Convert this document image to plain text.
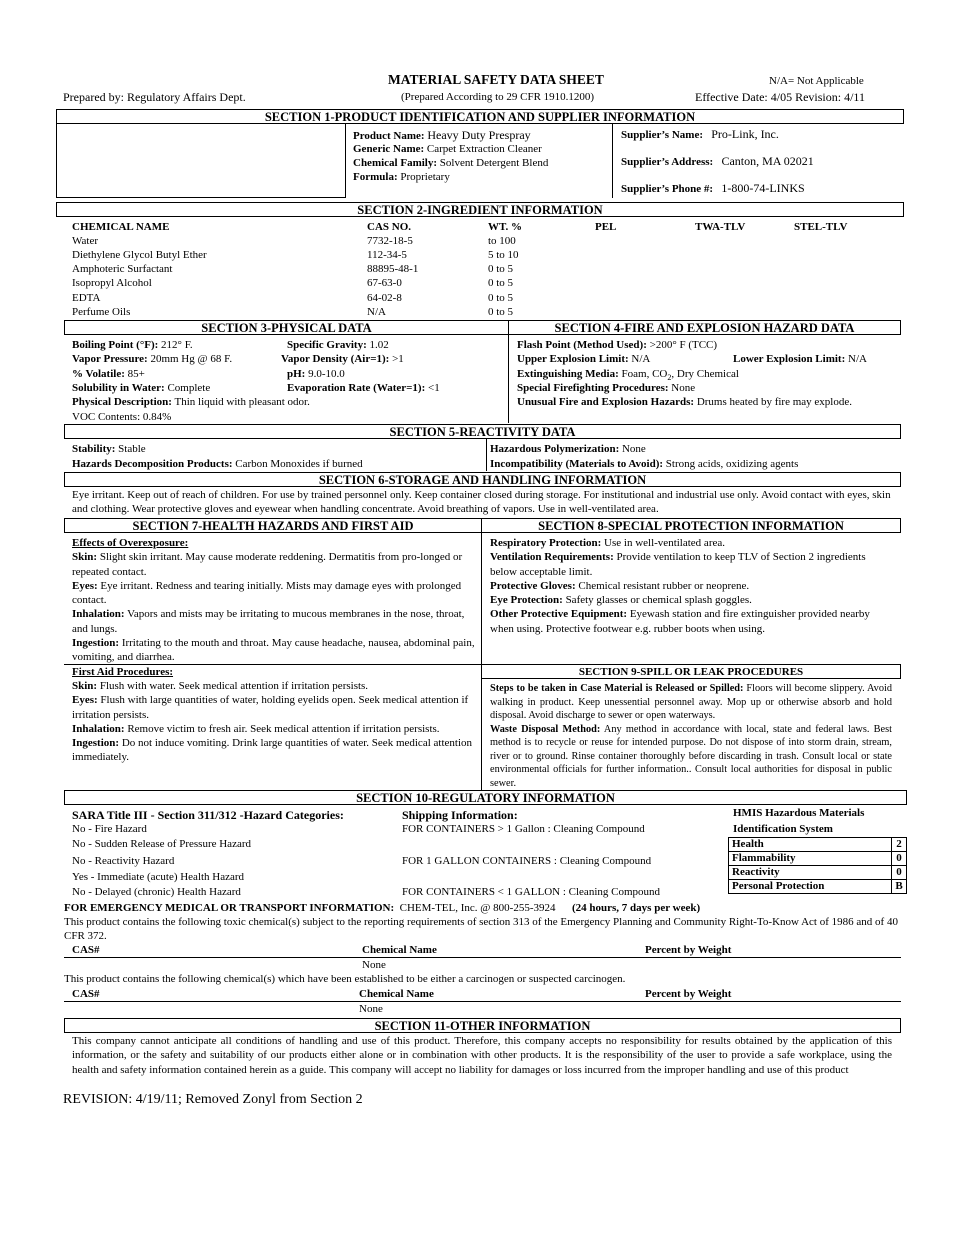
MATERIAL SAFETY DATA SHEET	N/A= Not Applicable
Prepared by: Regulatory Affairs Dept.	(Prepared According to 29 CFR 1910.1200)	Effective Date: 4/05 Revision: 4/11
SECTION 1-PRODUCT IDENTIFICATION AND SUPPLIER INFORMATION
Product Name: Heavy Duty Prespray
Generic Name: Carpet Extraction Cleaner
Chemical Family: Solvent Detergent Blend
Formula: Proprietary
Supplier’s Name: Pro-Link, Inc.
Supplier’s Address: Canton, MA 02021
Supplier’s Phone #: 1-800-74-LINKS
SECTION 2-INGREDIENT INFORMATION
CHEMICAL NAME	CAS NO.	WT. %	PEL	TWA-TLV	STEL-TLV
Water	7732-18-5	to 100
Diethylene Glycol Butyl Ether	112-34-5	5 to 10
Amphoteric Surfactant	88895-48-1	0 to 5
Isopropyl Alcohol	67-63-0	0 to 5
EDTA	64-02-8	0 to 5
Perfume Oils	N/A	0 to 5
SECTION 3-PHYSICAL DATA	SECTION 4-FIRE AND EXPLOSION HAZARD DATA
Boiling Point (°F): 212° F.	Specific Gravity: 1.02
Vapor Pressure: 20mm Hg @ 68 F.	Vapor Density (Air=1): >1
% Volatile: 85+	pH: 9.0-10.0
Solubility in Water: Complete	Evaporation Rate (Water=1): <1
Physical Description: Thin liquid with pleasant odor.
VOC Contents: 0.84%
Flash Point (Method Used): >200° F (TCC)
Upper Explosion Limit: N/A	Lower Explosion Limit: N/A
Extinguishing Media: Foam, $CO_2$, Dry Chemical
Special Firefighting Procedures: None
Unusual Fire and Explosion Hazards: Drums heated by fire may explode.
SECTION 5-REACTIVITY DATA
Stability: Stable	Hazardous Polymerization: None
Hazards Decomposition Products: Carbon Monoxides if burned	Incompatibility (Materials to Avoid): Strong acids, oxidizing agents
SECTION 6-STORAGE AND HANDLING INFORMATION
Eye irritant. Keep out of reach of children. For use by trained personnel only. Keep container closed during storage. For institutional and industrial use only. Avoid contact with eyes, skin and clothing. Wear protective gloves and eyewear when handling concentrate. Avoid breathing of vapors. Use in well-ventilated area.
SECTION 7-HEALTH HAZARDS AND FIRST AID	SECTION 8-SPECIAL PROTECTION INFORMATION
Effects of Overexposure:
Skin: Slight skin irritant. May cause moderate reddening. Dermatitis from pro-longed or repeated contact.
Eyes: Eye irritant. Redness and tearing initially. Mists may damage eyes with prolonged contact.
Inhalation: Vapors and mists may be irritating to mucous membranes in the nose, throat, and lungs.
Ingestion: Irritating to the mouth and throat. May cause headache, nausea, abdominal pain, vomiting, and diarrhea.
First Aid Procedures:
Skin: Flush with water. Seek medical attention if irritation persists.
Eyes: Flush with large quantities of water, holding eyelids open. Seek medical attention if irritation persists.
Inhalation: Remove victim to fresh air. Seek medical attention if irritation persists.
Ingestion: Do not induce vomiting. Drink large quantities of water. Seek medical attention immediately.
Respiratory Protection: Use in well-ventilated area.
Ventilation Requirements: Provide ventilation to keep TLV of Section 2 ingredients below acceptable limit.
Protective Gloves: Chemical resistant rubber or neoprene.
Eye Protection: Safety glasses or chemical splash goggles.
Other Protective Equipment: Eyewash station and fire extinguisher provided nearby when using. Protective footwear e.g. rubber boots when using.
SECTION 9-SPILL OR LEAK PROCEDURES
Steps to be taken in Case Material is Released or Spilled: Floors will become slippery. Avoid walking in product. Keep unessential personnel away. Mop up or otherwise absorb and hold disposal. Avoid discharge to sewer or open waterways.
Waste Disposal Method: Any method in accordance with local, state and federal laws. Best method is to recycle or reuse for intended purpose. Do not dispose of into storm drain, stream, river or to ground. Rinse container thoroughly before discarding in trash. Consult local or state environmental officials for further information.. Consult local authorities for disposal in public sewer.
SECTION 10-REGULATORY INFORMATION
SARA Title III - Section 311/312 -Hazard Categories:
No - Fire Hazard
No - Sudden Release of Pressure Hazard
No - Reactivity Hazard
Yes - Immediate (acute) Health Hazard
No - Delayed (chronic) Health Hazard
Shipping Information:
FOR CONTAINERS > 1 Gallon : Cleaning Compound
FOR 1 GALLON CONTAINERS : Cleaning Compound
FOR CONTAINERS < 1 GALLON : Cleaning Compound
HMIS Hazardous Materials
Identification System
Health	2
Flammability	0
Reactivity	0
Personal Protection	B
FOR EMERGENCY MEDICAL OR TRANSPORT INFORMATION: CHEM-TEL, Inc. @ 800-255-3924 (24 hours, 7 days per week)
This product contains the following toxic chemical(s) subject to the reporting requirements of section 313 of the Emergency Planning and Community Right-To-Know Act of 1986 and of 40 CFR 372.
CAS#	Chemical Name	Percent by Weight
None
This product contains the following chemical(s) which have been established to be either a carcinogen or suspected carcinogen.
CAS#	Chemical Name	Percent by Weight
None
SECTION 11-OTHER INFORMATION
This company cannot anticipate all conditions of handling and use of this product. Therefore, this company accepts no responsibility for results obtained by the application of this information, or the safety and suitability of our products either alone or in combination with other products. It is the responsibility of the user to provide a safe workplace, using the health and safety information contained herein as a guide. This company will accept no liability for damages or loss incurred from the improper handling and use of this product
REVISION: 4/19/11; Removed Zonyl from Section 2
